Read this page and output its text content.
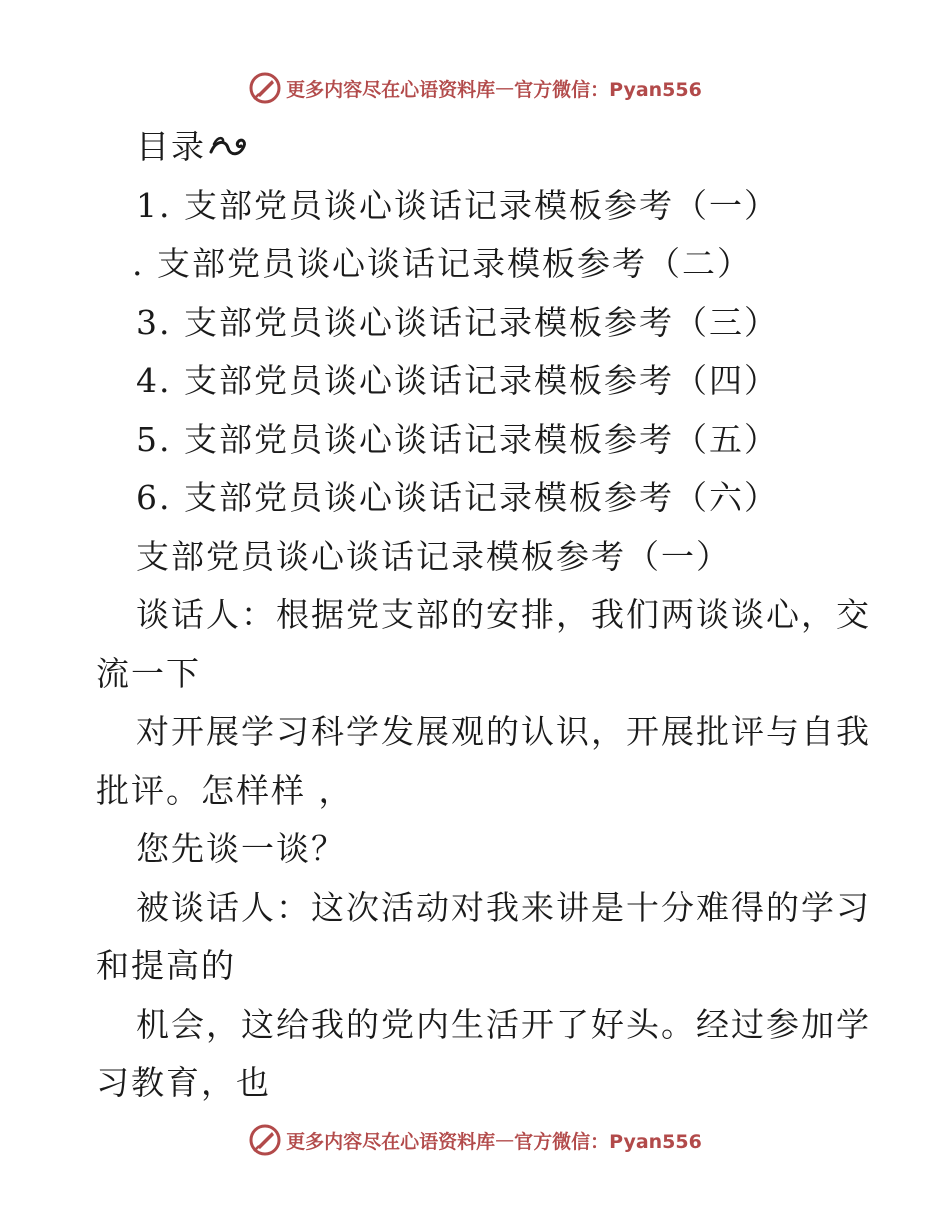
更多内容尽在心语资料库 — 官方微信：Pyan556
目录
1. 支部党员谈心谈话记录模板参考（一）
. 支部党员谈心谈话记录模板参考（二）
3. 支部党员谈心谈话记录模板参考（三）
4. 支部党员谈心谈话记录模板参考（四）
5. 支部党员谈心谈话记录模板参考（五）
6. 支部党员谈心谈话记录模板参考（六）
支部党员谈心谈话记录模板参考（一）
谈话人：根据党支部的安排，我们两谈谈心，交
流一下
对开展学习科学发展观的认识，开展批评与自我
批评。怎样样 ，
您先谈一谈？
被谈话人：这次活动对我来讲是十分难得的学习
和提高的
机会，这给我的党内生活开了好头。经过参加学
习教育，也
更多内容尽在心语资料库 — 官方微信：Pyan556
